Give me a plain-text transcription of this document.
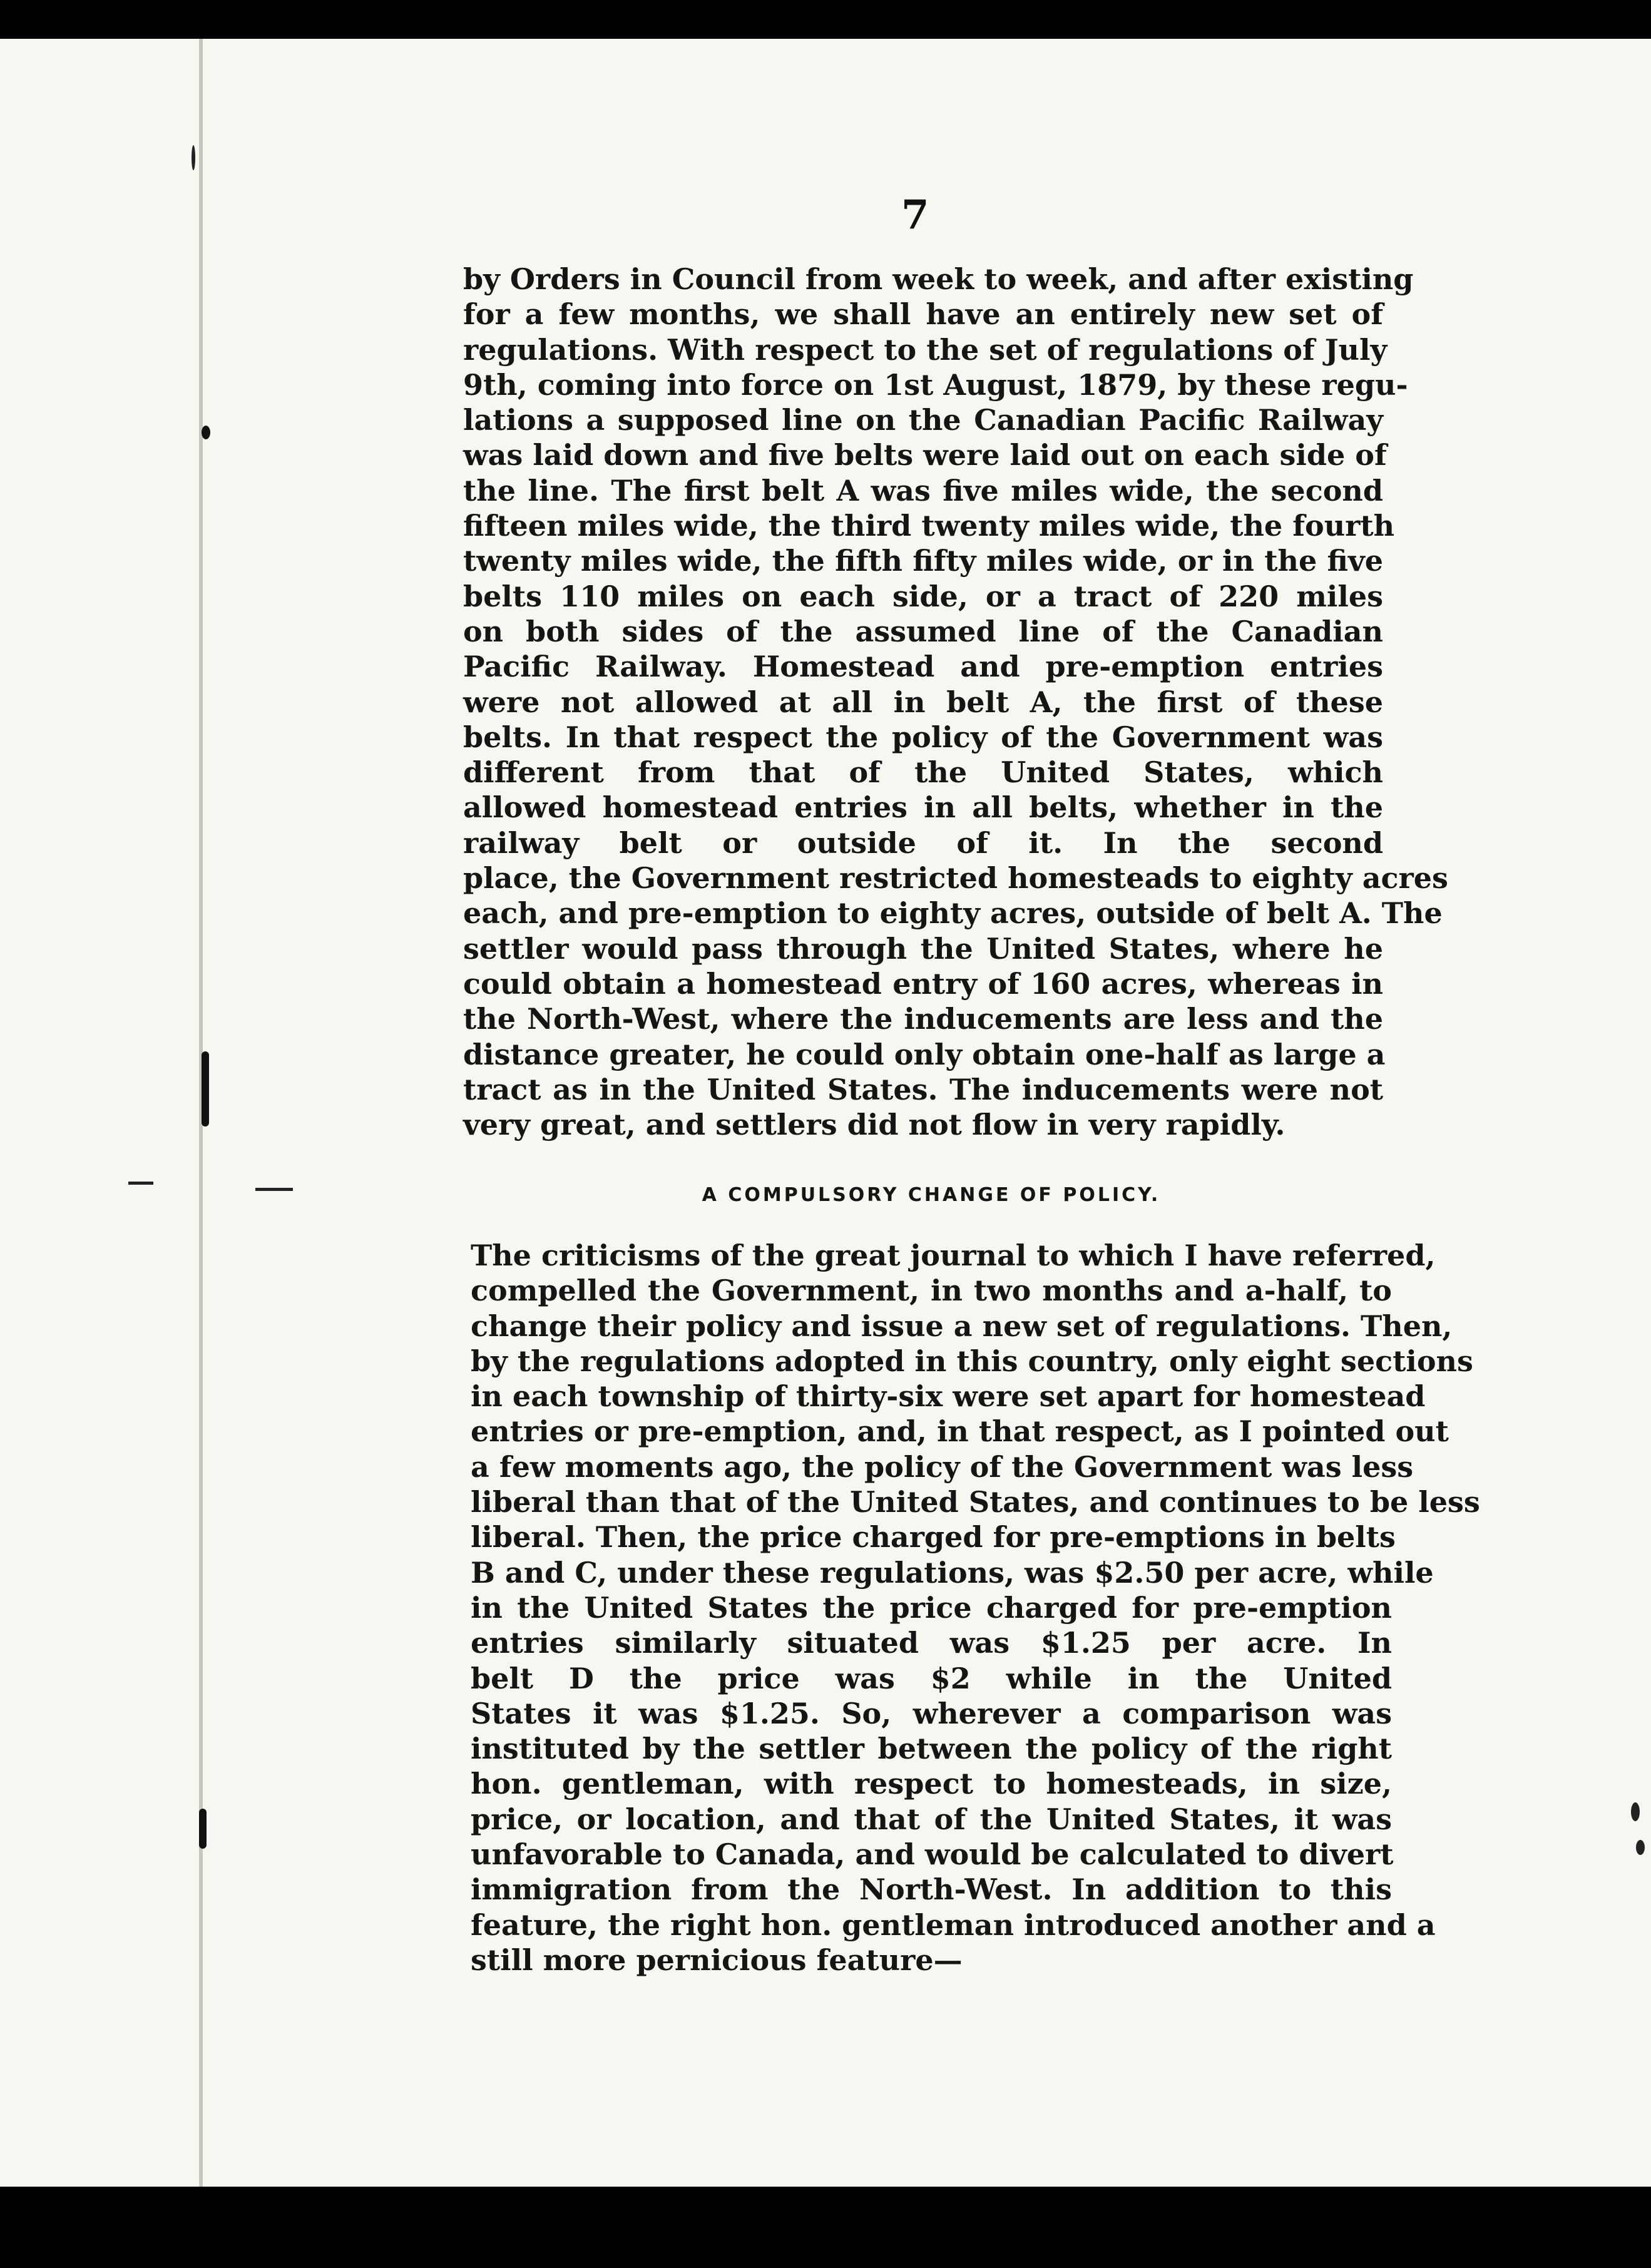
7

by Orders in Council from week to week, and after existing
for a few months, we shall have an entirely new set of
regulations. With respect to the set of regulations of July
9th, coming into force on 1st August, 1879, by these regu-
lations a supposed line on the Canadian Pacific Railway
was laid down and five belts were laid out on each side of
the line. The first belt A was five miles wide, the second
fifteen miles wide, the third twenty miles wide, the fourth
twenty miles wide, the fifth fifty miles wide, or in the five
belts 110 miles on each side, or a tract of 220 miles
on both sides of the assumed line of the Canadian
Pacific Railway. Homestead and pre-emption entries
were not allowed at all in belt A, the first of these
belts. In that respect the policy of the Government was
different from that of the United States, which
allowed homestead entries in all belts, whether in the
railway belt or outside of it. In the second
place, the Government restricted homesteads to eighty acres
each, and pre-emption to eighty acres, outside of belt A. The
settler would pass through the United States, where he
could obtain a homestead entry of 160 acres, whereas in
the North-West, where the inducements are less and the
distance greater, he could only obtain one-half as large a
tract as in the United States. The inducements were not
very great, and settlers did not flow in very rapidly.

A COMPULSORY CHANGE OF POLICY.

The criticisms of the great journal to which I have referred,
compelled the Government, in two months and a-half, to
change their policy and issue a new set of regulations. Then,
by the regulations adopted in this country, only eight sections
in each township of thirty-six were set apart for homestead
entries or pre-emption, and, in that respect, as I pointed out
a few moments ago, the policy of the Government was less
liberal than that of the United States, and continues to be less
liberal. Then, the price charged for pre-emptions in belts
B and C, under these regulations, was $2.50 per acre, while
in the United States the price charged for pre-emption
entries similarly situated was $1.25 per acre. In
belt D the price was $2 while in the United
States it was $1.25. So, wherever a comparison was
instituted by the settler between the policy of the right
hon. gentleman, with respect to homesteads, in size,
price, or location, and that of the United States, it was
unfavorable to Canada, and would be calculated to divert
immigration from the North-West. In addition to this
feature, the right hon. gentleman introduced another and a
still more pernicious feature—
